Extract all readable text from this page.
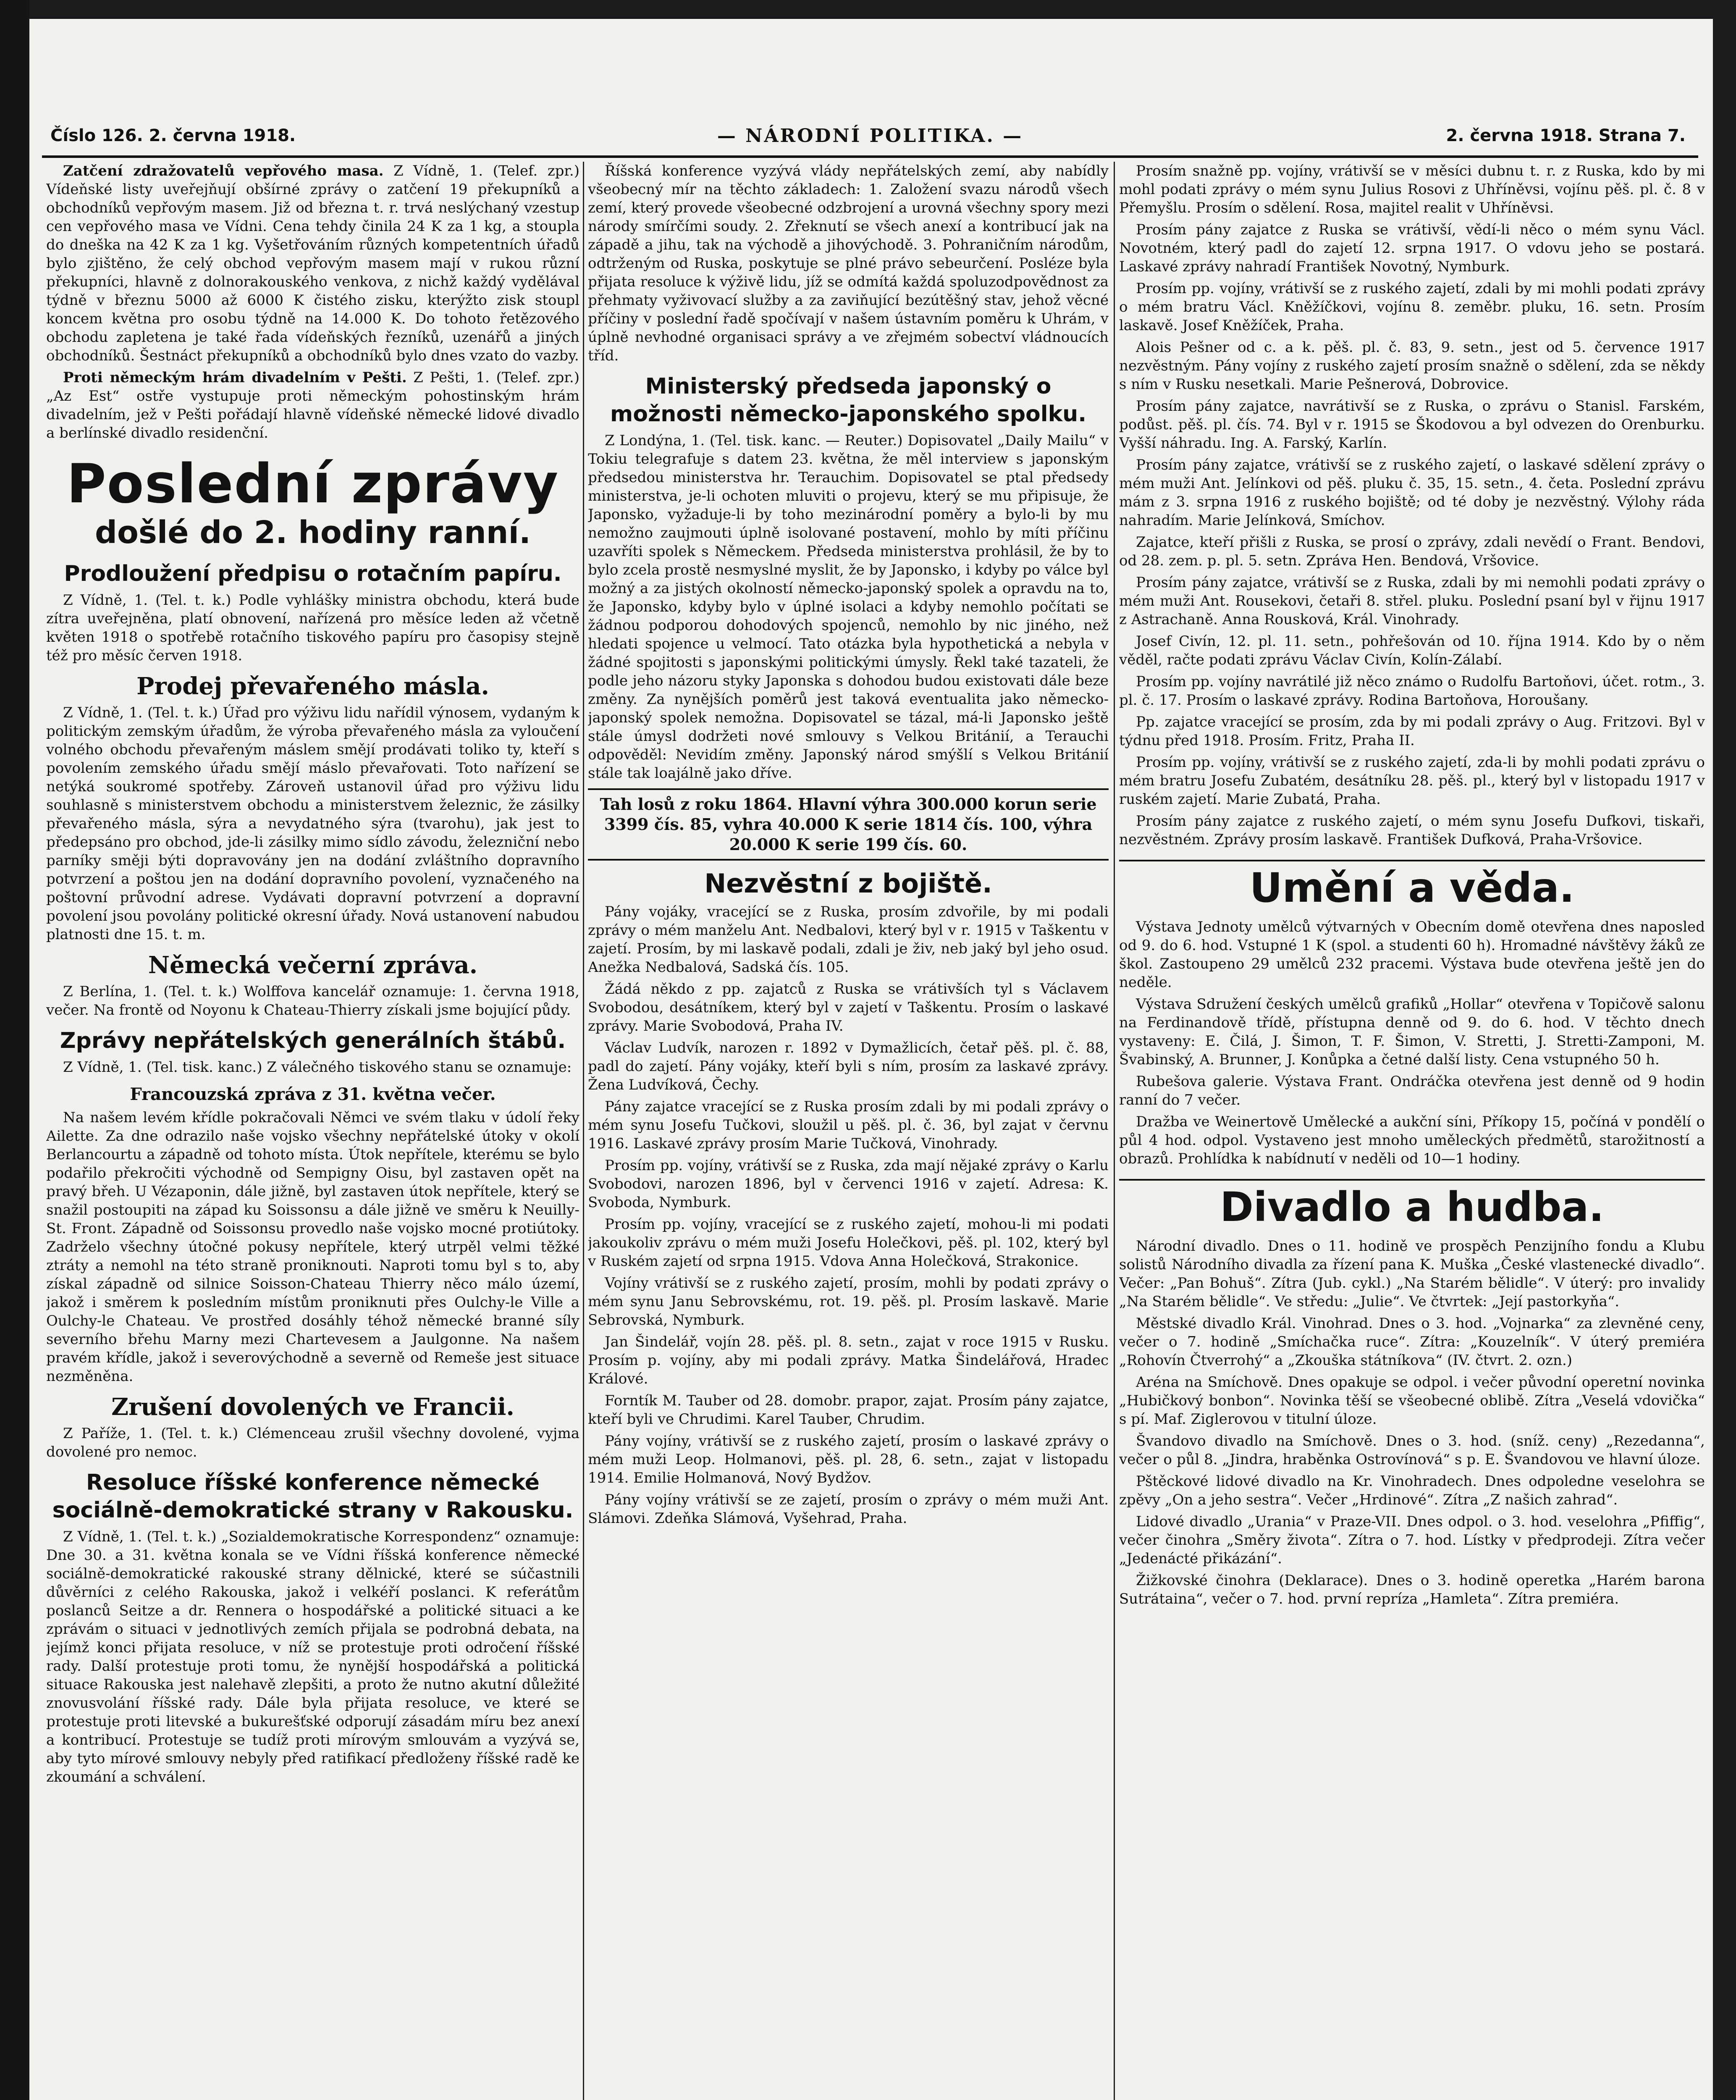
Číslo 126. 2. června 1918.	— NÁRODNÍ POLITIKA. —	2. června 1918. Strana 7.

Zatčení zdražovatelů vepřového masa. Z Vídně, 1. (Telef. zpr.) Vídeňské listy uveřejňují obšírné zprávy o zatčení 19 překupníků a obchodníků vepřovým masem. Již od března t. r. trvá neslýchaný vzestup cen vepřového masa ve Vídni. Cena tehdy činila 24 K za 1 kg, a stoupla do dneška na 42 K za 1 kg. Vyšetřováním různých kompetentních úřadů bylo zjištěno, že celý obchod vepřovým masem mají v rukou různí překupníci, hlavně z dolnorakouského venkova, z nichž každý vydělával týdně v březnu 5000 až 6000 K čistého zisku, kterýžto zisk stoupl koncem května pro osobu týdně na 14.000 K. Do tohoto řetězového obchodu zapletena je také řada vídeňských řezníků, uzenářů a jiných obchodníků. Šestnáct překupníků a obchodníků bylo dnes vzato do vazby.

Proti německým hrám divadelním v Pešti. Z Pešti, 1. (Telef. zpr.) „Az Est“ ostře vystupuje proti německým pohostinským hrám divadelním, jež v Pešti pořádají hlavně vídeňské německé lidové divadlo a berlínské divadlo residenční.

Poslední zprávy
došlé do 2. hodiny ranní.
Prodloužení předpisu o rotačním papíru.

Z Vídně, 1. (Tel. t. k.) Podle vyhlášky ministra obchodu, která bude zítra uveřejněna, platí obnovení, nařízená pro měsíce leden až včetně květen 1918 o spotřebě rotačního tiskového papíru pro časopisy stejně též pro měsíc červen 1918.

Prodej převařeného másla.

Z Vídně, 1. (Tel. t. k.) Úřad pro výživu lidu nařídil výnosem, vydaným k politickým zemským úřadům, že výroba převařeného másla za vyloučení volného obchodu převařeným máslem smějí prodávati toliko ty, kteří s povolením zemského úřadu smějí máslo převařovati. Toto nařízení se netýká soukromé spotřeby. Zároveň ustanovil úřad pro výživu lidu souhlasně s ministerstvem obchodu a ministerstvem železnic, že zásilky převařeného másla, sýra a nevydatného sýra (tvarohu), jak jest to předepsáno pro obchod, jde-li zásilky mimo sídlo závodu, železniční nebo parníky směji býti dopravovány jen na dodání zvláštního dopravního potvrzení a poštou jen na dodání dopravního povolení, vyznačeného na poštovní průvodní adrese. Vydávati dopravní potvrzení a dopravní povolení jsou povolány politické okresní úřady. Nová ustanovení nabudou platnosti dne 15. t. m.

Německá večerní zpráva.

Z Berlína, 1. (Tel. t. k.) Wolffova kancelář oznamuje: 1. června 1918, večer. Na frontě od Noyonu k Chateau-Thierry získali jsme bojující půdy.

Zprávy nepřátelských generálních štábů.

Z Vídně, 1. (Tel. tisk. kanc.) Z válečného tiskového stanu se oznamuje:

Francouzská zpráva z 31. května večer.

Na našem levém křídle pokračovali Němci ve svém tlaku v údolí řeky Ailette. Za dne odrazilo naše vojsko všechny nepřátelské útoky v okolí Berlancourtu a západně od tohoto místa. Útok nepřítele, kterému se bylo podařilo překročiti východně od Sempigny Oisu, byl zastaven opět na pravý břeh. U Vézaponin, dále jižně, byl zastaven útok nepřítele, který se snažil postoupiti na západ ku Soissonsu a dále jižně ve směru k Neuilly-St. Front. Západně od Soissonsu provedlo naše vojsko mocné protiútoky. Zadrželo všechny útočné pokusy nepřítele, který utrpěl velmi těžké ztráty a nemohl na této straně proniknouti. Naproti tomu byl s to, aby získal západně od silnice Soisson-Chateau Thierry něco málo území, jakož i směrem k posledním místům proniknuti přes Oulchy-le Ville a Oulchy-le Chateau. Ve prostřed dosáhly téhož německé branné síly severního břehu Marny mezi Chartevesem a Jaulgonne. Na našem pravém křídle, jakož i severovýchodně a severně od Remeše jest situace nezměněna.

Zrušení dovolených ve Francii.

Z Paříže, 1. (Tel. t. k.) Clémenceau zrušil všechny dovolené, vyjma dovolené pro nemoc.

Resoluce říšské konference německé sociálně-demokratické strany v Rakousku.

Z Vídně, 1. (Tel. t. k.) „Sozialdemokratische Korrespondenz“ oznamuje: Dne 30. a 31. května konala se ve Vídni říšská konference německé sociálně-demokratické rakouské strany dělnické, které se súčastnili důvěrníci z celého Rakouska, jakož i velkéří poslanci. K referátům poslanců Seitze a dr. Rennera o hospodářské a politické situaci a ke zprávám o situaci v jednotlivých zemích přijala se podrobná debata, na jejímž konci přijata resoluce, v níž se protestuje proti odročení říšské rady. Další protestuje proti tomu, že nynější hospodářská a politická situace Rakouska jest nalehavě zlepšiti, a proto že nutno akutní důležité znovusvolání říšské rady. Dále byla přijata resoluce, ve které se protestuje proti litevské a bukurešťské odporují zásadám míru bez anexí a kontribucí. Protestuje se tudíž proti mírovým smlouvám a vyzývá se, aby tyto mírové smlouvy nebyly před ratifikací předloženy říšské radě ke zkoumání a schválení.

Říšská konference vyzývá vlády nepřátelských zemí, aby nabídly všeobecný mír na těchto základech: 1. Založení svazu národů všech zemí, který provede všeobecné odzbrojení a urovná všechny spory mezi národy smírčími soudy. 2. Zřeknutí se všech anexí a kontribucí jak na západě a jihu, tak na východě a jihovýchodě. 3. Pohraničním národům, odtrženým od Ruska, poskytuje se plné právo sebeurčení. Posléze byla přijata resoluce k výživě lidu, jíž se odmítá každá spoluzodpovědnost za přehmaty vyživovací služby a za zaviňující bezútěšný stav, jehož věcné příčiny v poslední řadě spočívají v našem ústavním poměru k Uhrám, v úplně nevhodné organisaci správy a ve zřejmém sobectví vládnoucích tříd.

Ministerský předseda japonský o možnosti německo-japonského spolku.

Z Londýna, 1. (Tel. tisk. kanc. — Reuter.) Dopisovatel „Daily Mailu“ v Tokiu telegrafuje s datem 23. května, že měl interview s japonským předsedou ministerstva hr. Terauchim. Dopisovatel se ptal předsedy ministerstva, je-li ochoten mluviti o projevu, který se mu připisuje, že Japonsko, vyžaduje-li by toho mezinárodní poměry a bylo-li by mu nemožno zaujmouti úplně isolované postavení, mohlo by míti příčinu uzavříti spolek s Německem. Předseda ministerstva prohlásil, že by to bylo zcela prostě nesmyslné myslit, že by Japonsko, i kdyby po válce byl možný a za jistých okolností německo-japonský spolek a opravdu na to, že Japonsko, kdyby bylo v úplné isolaci a kdyby nemohlo počítati se žádnou podporou dohodových spojenců, nemohlo by nic jiného, než hledati spojence u velmocí. Tato otázka byla hypothetická a nebyla v žádné spojitosti s japonskými politickými úmysly. Řekl také tazateli, že podle jeho názoru styky Japonska s dohodou budou existovati dále beze změny. Za nynějších poměrů jest taková eventualita jako německo-japonský spolek nemožna. Dopisovatel se tázal, má-li Japonsko ještě stále úmysl dodržeti nové smlouvy s Velkou Británií, a Terauchi odpověděl: Nevidím změny. Japonský národ smýšlí s Velkou Británií stále tak loajálně jako dříve.

Tah losů z roku 1864. Hlavní výhra 300.000 korun serie 3399 čís. 85, vyhra 40.000 K serie 1814 čís. 100, výhra 20.000 K serie 199 čís. 60.
Nezvěstní z bojiště.

Pány vojáky, vracející se z Ruska, prosím zdvořile, by mi podali zprávy o mém manželu Ant. Nedbalovi, který byl v r. 1915 v Taškentu v zajetí. Prosím, by mi laskavě podali, zdali je živ, neb jaký byl jeho osud. Anežka Nedbalová, Sadská čís. 105.

Žádá někdo z pp. zajatců z Ruska se vrátivších tyl s Václavem Svobodou, desátníkem, který byl v zajetí v Taškentu. Prosím o laskavé zprávy. Marie Svobodová, Praha IV.

Václav Ludvík, narozen r. 1892 v Dymažlicích, četař pěš. pl. č. 88, padl do zajetí. Pány vojáky, kteří byli s ním, prosím za laskavé zprávy. Žena Ludvíková, Čechy.

Pány zajatce vracející se z Ruska prosím zdali by mi podali zprávy o mém synu Josefu Tučkovi, sloužil u pěš. pl. č. 36, byl zajat v červnu 1916. Laskavé zprávy prosím Marie Tučková, Vinohrady.

Prosím pp. vojíny, vrátivší se z Ruska, zda mají nějaké zprávy o Karlu Svobodovi, narozen 1896, byl v červenci 1916 v zajetí. Adresa: K. Svoboda, Nymburk.

Prosím pp. vojíny, vracející se z ruského zajetí, mohou-li mi podati jakoukoliv zprávu o mém muži Josefu Holečkovi, pěš. pl. 102, který byl v Ruském zajetí od srpna 1915. Vdova Anna Holečková, Strakonice.

Vojíny vrátivší se z ruského zajetí, prosím, mohli by podati zprávy o mém synu Janu Sebrovskému, rot. 19. pěš. pl. Prosím laskavě. Marie Sebrovská, Nymburk.

Jan Šindelář, vojín 28. pěš. pl. 8. setn., zajat v roce 1915 v Rusku. Prosím p. vojíny, aby mi podali zprávy. Matka Šindelářová, Hradec Králové.

Forntík M. Tauber od 28. domobr. prapor, zajat. Prosím pány zajatce, kteří byli ve Chrudimi. Karel Tauber, Chrudim.

Pány vojíny, vrátivší se z ruského zajetí, prosím o laskavé zprávy o mém muži Leop. Holmanovi, pěš. pl. 28, 6. setn., zajat v listopadu 1914. Emilie Holmanová, Nový Bydžov.

Pány vojíny vrátivší se ze zajetí, prosím o zprávy o mém muži Ant. Slámovi. Zdeňka Slámová, Vyšehrad, Praha.

Prosím snažně pp. vojíny, vrátivší se v měsíci dubnu t. r. z Ruska, kdo by mi mohl podati zprávy o mém synu Julius Rosovi z Uhříněvsi, vojínu pěš. pl. č. 8 v Přemyšlu. Prosím o sdělení. Rosa, majitel realit v Uhříněvsi.

Prosím pány zajatce z Ruska se vrátivší, vědí-li něco o mém synu Václ. Novotném, který padl do zajetí 12. srpna 1917. O vdovu jeho se postará. Laskavé zprávy nahradí František Novotný, Nymburk.

Prosím pp. vojíny, vrátivší se z ruského zajetí, zdali by mi mohli podati zprávy o mém bratru Václ. Kněžíčkovi, vojínu 8. zeměbr. pluku, 16. setn. Prosím laskavě. Josef Kněžíček, Praha.

Alois Pešner od c. a k. pěš. pl. č. 83, 9. setn., jest od 5. července 1917 nezvěstným. Pány vojíny z ruského zajetí prosím snažně o sdělení, zda se někdy s ním v Rusku nesetkali. Marie Pešnerová, Dobrovice.

Prosím pány zajatce, navrátivší se z Ruska, o zprávu o Stanisl. Farském, podůst. pěš. pl. čís. 74. Byl v r. 1915 se Škodovou a byl odvezen do Orenburku. Vyšší náhradu. Ing. A. Farský, Karlín.

Prosím pány zajatce, vrátivší se z ruského zajetí, o laskavé sdělení zprávy o mém muži Ant. Jelínkovi od pěš. pluku č. 35, 15. setn., 4. četa. Poslední zprávu mám z 3. srpna 1916 z ruského bojiště; od té doby je nezvěstný. Výlohy ráda nahradím. Marie Jelínková, Smíchov.

Zajatce, kteří přišli z Ruska, se prosí o zprávy, zdali nevědí o Frant. Bendovi, od 28. zem. p. pl. 5. setn. Zpráva Hen. Bendová, Vršovice.

Prosím pány zajatce, vrátivší se z Ruska, zdali by mi nemohli podati zprávy o mém muži Ant. Rousekovi, četaři 8. střel. pluku. Poslední psaní byl v řijnu 1917 z Astrachaně. Anna Rousková, Král. Vinohrady.

Josef Civín, 12. pl. 11. setn., pohřešován od 10. října 1914. Kdo by o něm věděl, račte podati zprávu Václav Civín, Kolín-Zálabí.

Prosím pp. vojíny navrátilé již něco známo o Rudolfu Bartoňovi, účet. rotm., 3. pl. č. 17. Prosím o laskavé zprávy. Rodina Bartoňova, Horoušany.

Pp. zajatce vracející se prosím, zda by mi podali zprávy o Aug. Fritzovi. Byl v týdnu před 1918. Prosím. Fritz, Praha II.

Prosím pp. vojíny, vrátivší se z ruského zajetí, zda-li by mohli podati zprávu o mém bratru Josefu Zubatém, desátníku 28. pěš. pl., který byl v listopadu 1917 v ruském zajetí. Marie Zubatá, Praha.

Prosím pány zajatce z ruského zajetí, o mém synu Josefu Dufkovi, tiskaři, nezvěstném. Zprávy prosím laskavě. František Dufková, Praha-Vršovice.

Umění a věda.

Výstava Jednoty umělců výtvarných v Obecním domě otevřena dnes naposled od 9. do 6. hod. Vstupné 1 K (spol. a studenti 60 h). Hromadné návštěvy žáků ze škol. Zastoupeno 29 umělců 232 pracemi. Výstava bude otevřena ještě jen do neděle.

Výstava Sdružení českých umělců grafiků „Hollar“ otevřena v Topičově salonu na Ferdinandově třídě, přístupna denně od 9. do 6. hod. V těchto dnech vystaveny: E. Čilá, J. Šimon, T. F. Šimon, V. Stretti, J. Stretti-Zamponi, M. Švabinský, A. Brunner, J. Konůpka a četné další listy. Cena vstupného 50 h.

Rubešova galerie. Výstava Frant. Ondráčka otevřena jest denně od 9 hodin ranní do 7 večer.

Dražba ve Weinertově Umělecké a aukční síni, Příkopy 15, počíná v pondělí o půl 4 hod. odpol. Vystaveno jest mnoho uměleckých předmětů, starožitností a obrazů. Prohlídka k nabídnutí v neděli od 10—1 hodiny.

Divadlo a hudba.

Národní divadlo. Dnes o 11. hodině ve prospěch Penzijního fondu a Klubu solistů Národního divadla za řízení pana K. Muška „České vlastenecké divadlo“. Večer: „Pan Bohuš“. Zítra (Jub. cykl.) „Na Starém bělidle“. V úterý: pro invalidy „Na Starém bělidle“. Ve středu: „Julie“. Ve čtvrtek: „Její pastorkyňa“.

Městské divadlo Král. Vinohrad. Dnes o 3. hod. „Vojnarka“ za zlevněné ceny, večer o 7. hodině „Smíchačka ruce“. Zítra: „Kouzelník“. V úterý premiéra „Rohovín Čtverrohý“ a „Zkouška státníkova“ (IV. čtvrt. 2. ozn.)

Aréna na Smíchově. Dnes opakuje se odpol. i večer původní operetní novinka „Hubičkový bonbon“. Novinka těší se všeobecné oblibě. Zítra „Veselá vdovička“ s pí. Maf. Ziglerovou v titulní úloze.

Švandovo divadlo na Smíchově. Dnes o 3. hod. (sníž. ceny) „Rezedanna“, večer o půl 8. „Jindra, hraběnka Ostrovínová“ s p. E. Švandovou ve hlavní úloze.

Pštěckové lidové divadlo na Kr. Vinohradech. Dnes odpoledne veselohra se zpěvy „On a jeho sestra“. Večer „Hrdinové“. Zítra „Z našich zahrad“.

Lidové divadlo „Urania“ v Praze-VII. Dnes odpol. o 3. hod. veselohra „Pfiffig“, večer činohra „Směry života“. Zítra o 7. hod. Lístky v předprodeji. Zítra večer „Jedenácté přikázání“.

Žižkovské činohra (Deklarace). Dnes o 3. hodině operetka „Harém barona Sutrátaina“, večer o 7. hod. první repríza „Hamleta“. Zítra premiéra.
